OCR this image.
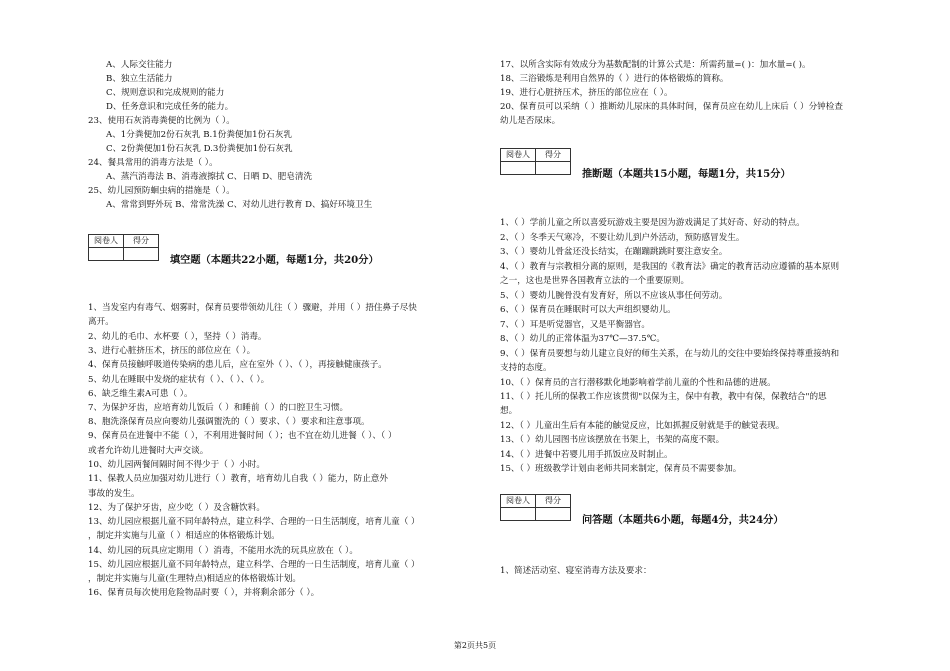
A、人际交往能力
B、独立生活能力
C、规则意识和完成规则的能力
D、任务意识和完成任务的能力。
23、使用石灰消毒粪便的比例为（ ）。
A、1分粪便加2份石灰乳 B.1份粪便加1份石灰乳
C、2份粪便加1份石灰乳 D.3份粪便加1份石灰乳
24、餐具常用的消毒方法是（ ）。
A、蒸汽消毒法 B、消毒液擦拭 C、日晒 D、肥皂清洗
25、幼儿园预防蛔虫病的措施是（ ）。
A、常常到野外玩 B、常常洗澡 C、对幼儿进行教育 D、搞好环境卫生
阅卷人	得分

填空题（本题共22小题，每题1分，共20分）
1、当发室内有毒气、烟雾时，保育员要带领幼儿往（ ）骤避，并用（ ）捂住鼻子尽快
离开。
2、幼儿的毛巾、水杯要（ ），坚持（ ）消毒。
3、进行心脏挤压术，挤压的部位应在（ ）。
4、保育员接触呼吸道传染病的患儿后，应在室外（ ）、（ ），再接触健康孩子。
5、幼儿在睡眠中发烧的症状有（ ）、（ ）、（ ）。
6、缺乏维生素A可患（ ）。
7、为保护牙齿，应培育幼儿饭后（ ）和睡前（ ）的口腔卫生习惯。
8、胞洗涤保育员应向婴幼儿强调盥洗的（ ）要求、（ ）要求和注意事项。
9、保育员在进餐中不能（ ），不利用进餐时间（ ）；也不宜在幼儿进餐（ ）、（ ）
或者允许幼儿进餐时大声交谈。
10、幼儿园两餐间隔时间不得少于（ ）小时。
11、保教人员应加强对幼儿进行（ ）教育，培育幼儿自我（ ）能力，防止意外
事故的发生。
12、为了保护牙齿，应少吃（ ）及含糖饮料。
13、幼儿园应根据儿童不同年龄特点，建立科学、合理的一日生活制度，培育儿童（ ）
，制定并实施与儿童（ ）相适应的体格锻炼计划。
14、幼儿园的玩具应定期用（ ）消毒，不能用水洗的玩具应放在（ ）。
15、幼儿园应根据儿童不同年龄特点，建立科学、合理的一日生活制度，培育儿童（ ）
，制定并实施与儿童(生理特点)相适应的体格锻炼计划。
16、保育员每次使用危险物品时要（ ），并将剩余部分（ ）。
17、以所含实际有效成分为基数配制的计算公式是：所需药量=( )：加水量=( )。
18、三浴锻炼是利用自然界的（ ）进行的体格锻炼的简称。
19、进行心脏挤压术，挤压的部位应在（ ）。
20、保育员可以采纳（ ）推断幼儿尿床的具体时间，保育员应在幼儿上床后（ ）分钟检查
幼儿是否尿床。
阅卷人	得分

推断题（本题共15小题，每题1分，共15分）
1、（ ）学前儿童之所以喜爱玩游戏主要是因为游戏满足了其好奇、好动的特点。
2、（ ）冬季天气寒冷，不要让幼儿到户外活动，预防感冒发生。
3、（ ）婴幼儿骨盆还没长结实，在蹦蹦跳跳时要注意安全。
4、（ ）教育与宗教相分离的原则，是我国的《教育法》确定的教育活动应遵循的基本原则
之一，这也是世界各国教育立法的一个重要原则。
5、（ ）婴幼儿腕骨没有发育好，所以不应该从事任何劳动。
6、（ ）保育员在睡眠时可以大声组织婴幼儿。
7、（ ）耳是听觉器官，又是平衡器官。
8、（ ）幼儿的正常体温为37℃—37.5℃。
9、（ ）保育员要想与幼儿建立良好的师生关系，在与幼儿的交往中要始终保持尊重接纳和
支持的态度。
10、（ ）保育员的言行潜移默化地影响着学前儿童的个性和品德的进展。
11、（ ）托儿所的保教工作应该贯彻"以保为主，保中有教，教中有保，保教结合"的思
想。
12、（ ）儿童出生后有本能的触觉反应，比如抓握反射就是手的触觉表现。
13、（ ）幼儿园图书应该摆放在书架上，书架的高度不限。
14、（ ）进餐中若婴儿用手抓饭应及时制止。
15、（ ）班级教学计划由老师共同来制定，保育员不需要参加。
阅卷人	得分

问答题（本题共6小题，每题4分，共24分）
1、简述活动室、寝室消毒方法及要求：
第2页共5页
